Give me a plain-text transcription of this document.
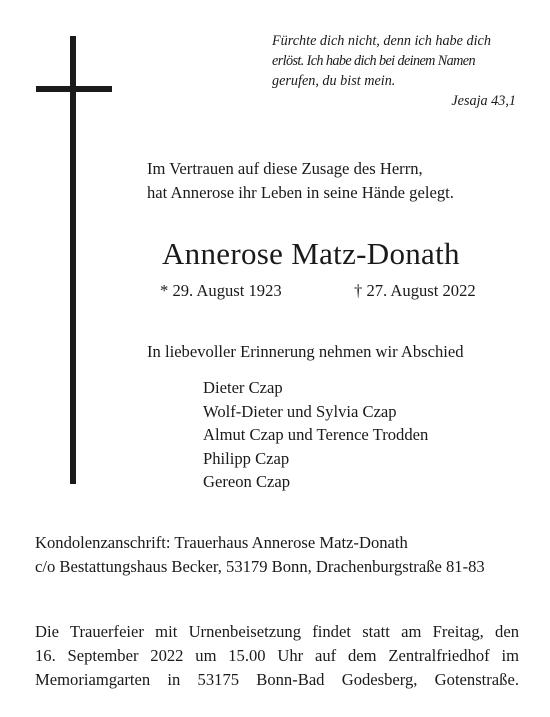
Fürchte dich nicht, denn ich habe dich
erlöst. Ich habe dich bei deinem Namen
gerufen, du bist mein.
Jesaja 43,1
Im Vertrauen auf diese Zusage des Herrn,
hat Annerose ihr Leben in seine Hände gelegt.
Annerose Matz-Donath
* 29. August 1923	† 27. August 2022
In liebevoller Erinnerung nehmen wir Abschied
Dieter Czap
Wolf-Dieter und Sylvia Czap
Almut Czap und Terence Trodden
Philipp Czap
Gereon Czap
Kondolenzanschrift: Trauerhaus Annerose Matz-Donath
c/o Bestattungshaus Becker, 53179 Bonn, Drachenburgstraße 81-83
Die Trauerfeier mit Urnenbeisetzung findet statt am Freitag, den
16. September 2022 um 15.00 Uhr auf dem Zentralfriedhof im
Memoriamgarten in 53175 Bonn-Bad Godesberg, Gotenstraße.
